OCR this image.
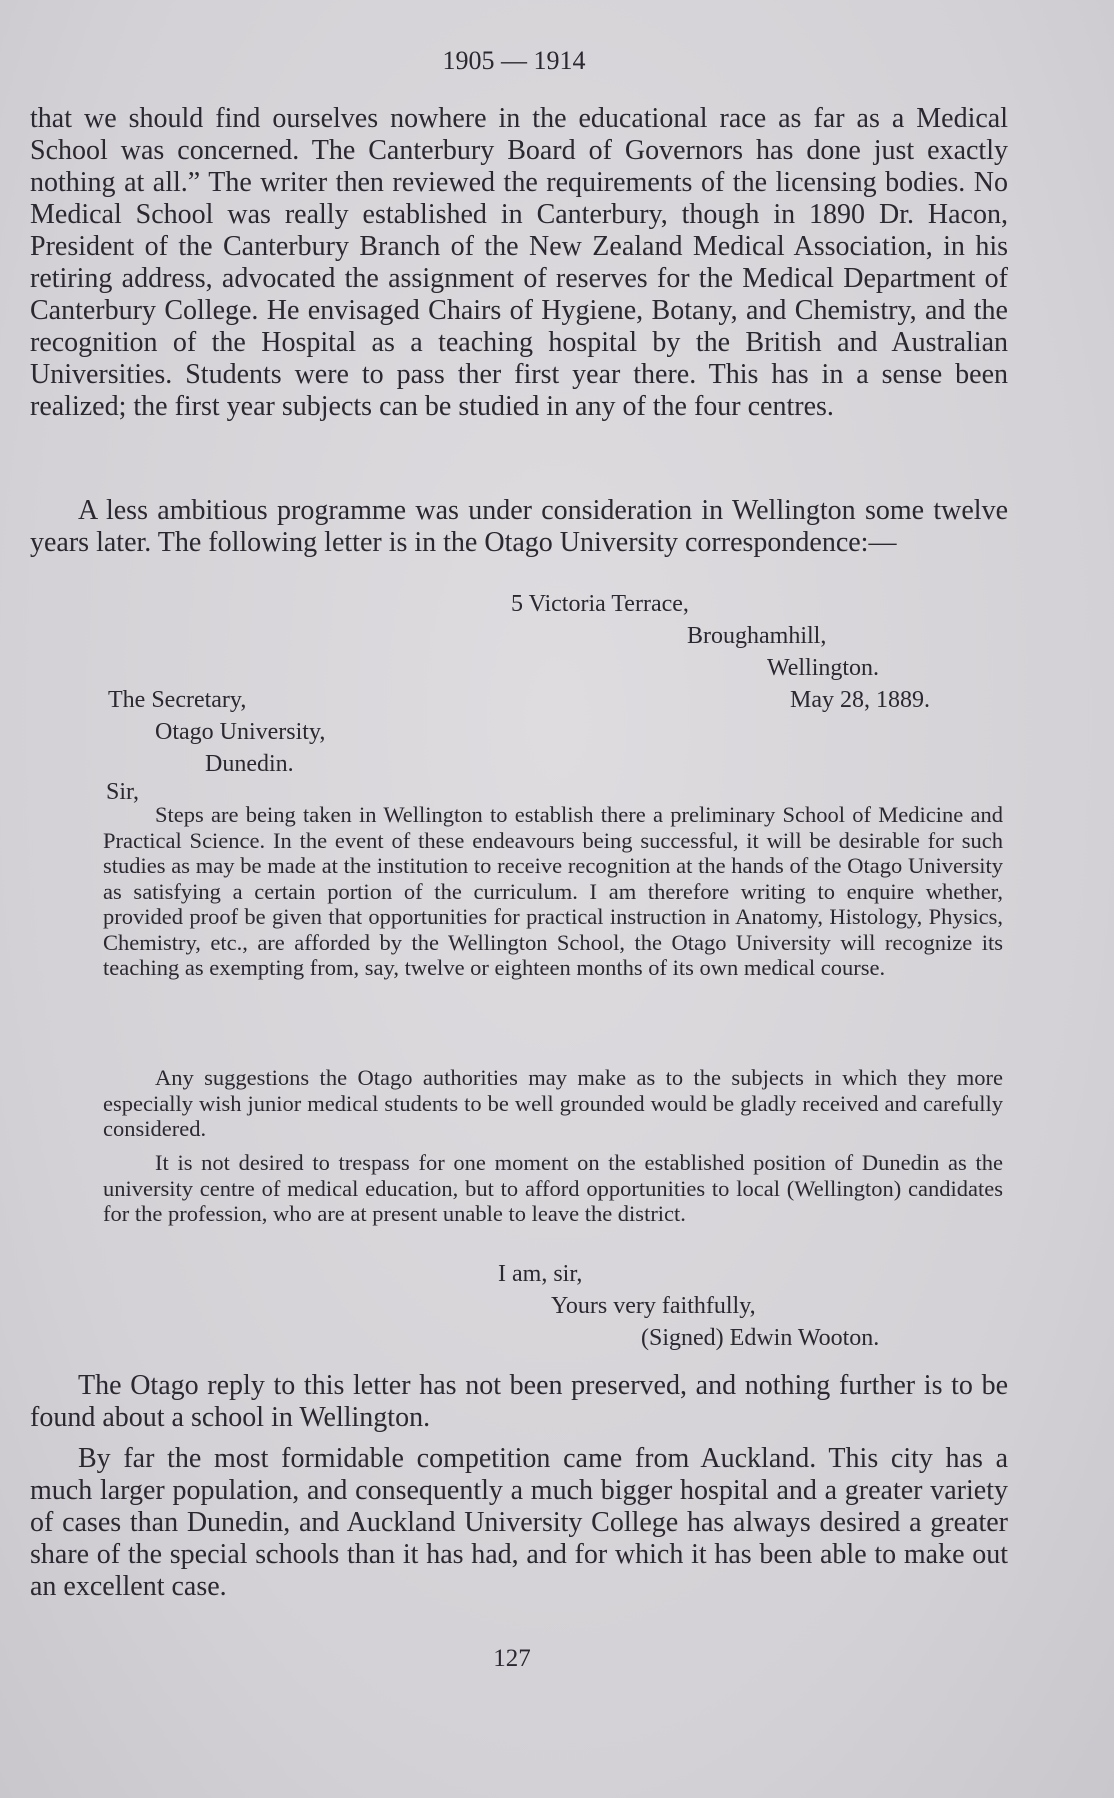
1905 — 1914

that we should find ourselves nowhere in the educational race as far as a Medical School was concerned. The Canterbury Board of Governors has done just exactly nothing at all.” The writer then reviewed the requirements of the licensing bodies. No Medical School was really established in Canterbury, though in 1890 Dr. Hacon, President of the Canterbury Branch of the New Zealand Medical Association, in his retiring address, advocated the assignment of reserves for the Medical Department of Canterbury College. He envisaged Chairs of Hygiene, Botany, and Chemistry, and the recognition of the Hospital as a teaching hospital by the British and Australian Universities. Students were to pass ther first year there. This has in a sense been realized; the first year subjects can be studied in any of the four centres.

A less ambitious programme was under consideration in Wellington some twelve years later. The following letter is in the Otago University correspondence:—

5 Victoria Terrace,
Broughamhill,
Wellington.
The Secretary,	May 28, 1889.
Otago University,
Dunedin.
Sir,

Steps are being taken in Wellington to establish there a preliminary School of Medicine and Practical Science. In the event of these endeavours being successful, it will be desirable for such studies as may be made at the institution to receive recognition at the hands of the Otago University as satisfying a certain portion of the curriculum. I am therefore writing to enquire whether, provided proof be given that opportunities for practical instruction in Anatomy, Histology, Physics, Chemistry, etc., are afforded by the Wellington School, the Otago University will recognize its teaching as exempting from, say, twelve or eighteen months of its own medical course.

Any suggestions the Otago authorities may make as to the subjects in which they more especially wish junior medical students to be well grounded would be gladly received and carefully considered.

It is not desired to trespass for one moment on the established position of Dunedin as the university centre of medical education, but to afford opportunities to local (Wellington) candidates for the profession, who are at present unable to leave the district.

I am, sir,
Yours very faithfully,
(Signed) Edwin Wooton.

The Otago reply to this letter has not been preserved, and nothing further is to be found about a school in Wellington.

By far the most formidable competition came from Auckland. This city has a much larger population, and consequently a much bigger hospital and a greater variety of cases than Dunedin, and Auckland University College has always desired a greater share of the special schools than it has had, and for which it has been able to make out an excellent case.

127
